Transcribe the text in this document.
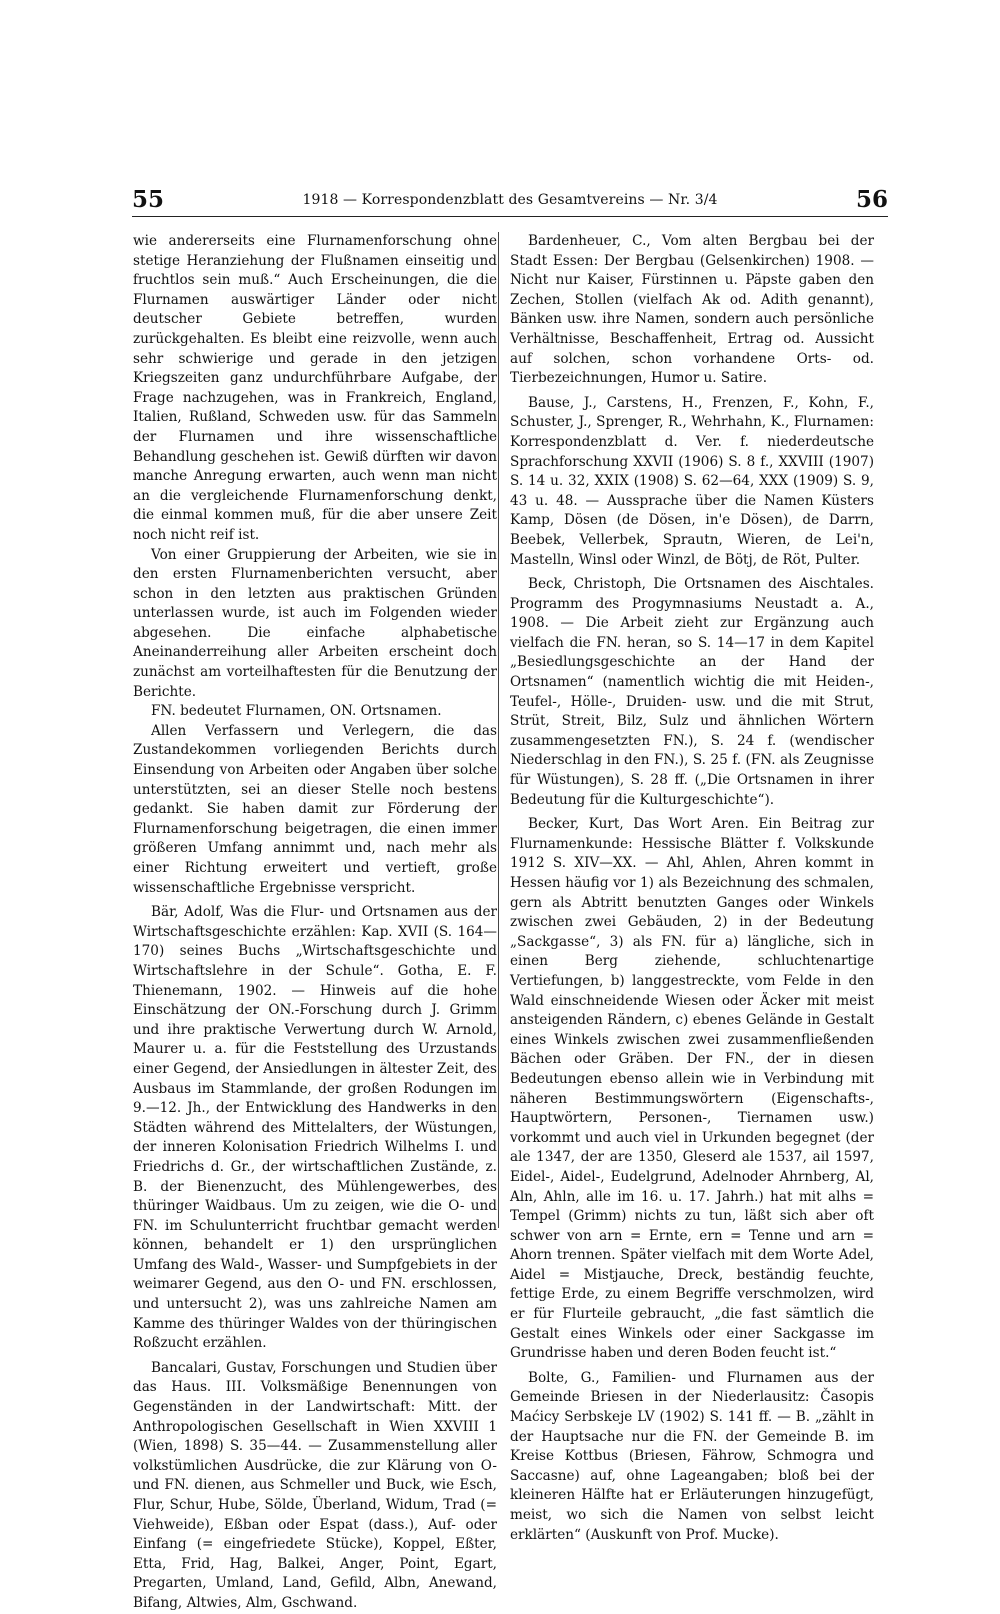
55	1918 — Korrespondenzblatt des Gesamtvereins — Nr. 3/4	56

wie andererseits eine Flurnamenforschung ohne stetige Heranziehung der Flußnamen einseitig und fruchtlos sein muß.“ Auch Erscheinungen, die die Flurnamen auswärtiger Länder oder nicht deutscher Gebiete betreffen, wurden zurückgehalten. Es bleibt eine reizvolle, wenn auch sehr schwierige und gerade in den jetzigen Kriegszeiten ganz undurchführbare Aufgabe, der Frage nachzugehen, was in Frankreich, England, Italien, Rußland, Schweden usw. für das Sammeln der Flurnamen und ihre wissenschaftliche Behandlung geschehen ist. Gewiß dürften wir davon manche Anregung erwarten, auch wenn man nicht an die vergleichende Flurnamenforschung denkt, die einmal kommen muß, für die aber unsere Zeit noch nicht reif ist.

Von einer Gruppierung der Arbeiten, wie sie in den ersten Flurnamenberichten versucht, aber schon in den letzten aus praktischen Gründen unterlassen wurde, ist auch im Folgenden wieder abgesehen. Die einfache alphabetische Aneinanderreihung aller Arbeiten erscheint doch zunächst am vorteilhaftesten für die Benutzung der Berichte.

FN. bedeutet Flurnamen, ON. Ortsnamen.

Allen Verfassern und Verlegern, die das Zustandekommen vorliegenden Berichts durch Einsendung von Arbeiten oder Angaben über solche unterstützten, sei an dieser Stelle noch bestens gedankt. Sie haben damit zur Förderung der Flurnamenforschung beigetragen, die einen immer größeren Umfang annimmt und, nach mehr als einer Richtung erweitert und vertieft, große wissenschaftliche Ergebnisse verspricht.

Bär, Adolf, Was die Flur- und Ortsnamen aus der Wirtschaftsgeschichte erzählen: Kap. XVII (S. 164—170) seines Buchs „Wirtschaftsgeschichte und Wirtschaftslehre in der Schule“. Gotha, E. F. Thienemann, 1902. — Hinweis auf die hohe Einschätzung der ON.-Forschung durch J. Grimm und ihre praktische Verwertung durch W. Arnold, Maurer u. a. für die Feststellung des Urzustands einer Gegend, der Ansiedlungen in ältester Zeit, des Ausbaus im Stammlande, der großen Rodungen im 9.—12. Jh., der Entwicklung des Handwerks in den Städten während des Mittelalters, der Wüstungen, der inneren Kolonisation Friedrich Wilhelms I. und Friedrichs d. Gr., der wirtschaftlichen Zustände, z. B. der Bienenzucht, des Mühlengewerbes, des thüringer Waidbaus. Um zu zeigen, wie die O- und FN. im Schulunterricht fruchtbar gemacht werden können, behandelt er 1) den ursprünglichen Umfang des Wald-, Wasser- und Sumpfgebiets in der weimarer Gegend, aus den O- und FN. erschlossen, und untersucht 2), was uns zahlreiche Namen am Kamme des thüringer Waldes von der thüringischen Roßzucht erzählen.

Bancalari, Gustav, Forschungen und Studien über das Haus. III. Volksmäßige Benennungen von Gegenständen in der Landwirtschaft: Mitt. der Anthropologischen Gesellschaft in Wien XXVIII 1 (Wien, 1898) S. 35—44. — Zusammenstellung aller volkstümlichen Ausdrücke, die zur Klärung von O- und FN. dienen, aus Schmeller und Buck, wie Esch, Flur, Schur, Hube, Sölde, Überland, Widum, Trad (= Viehweide), Eßban oder Espat (dass.), Auf- oder Einfang (= eingefriedete Stücke), Koppel, Eßter, Etta, Frid, Hag, Balkei, Anger, Point, Egart, Pregarten, Umland, Land, Gefild, Albn, Anewand, Bifang, Altwies, Alm, Gschwand.

Bardenheuer, C., Vom alten Bergbau bei der Stadt Essen: Der Bergbau (Gelsenkirchen) 1908. — Nicht nur Kaiser, Fürstinnen u. Päpste gaben den Zechen, Stollen (vielfach Ak od. Adith genannt), Bänken usw. ihre Namen, sondern auch persönliche Verhältnisse, Beschaffenheit, Ertrag od. Aussicht auf solchen, schon vorhandene Orts- od. Tierbezeichnungen, Humor u. Satire.

Bause, J., Carstens, H., Frenzen, F., Kohn, F., Schuster, J., Sprenger, R., Wehrhahn, K., Flurnamen: Korrespondenzblatt d. Ver. f. niederdeutsche Sprachforschung XXVII (1906) S. 8 f., XXVIII (1907) S. 14 u. 32, XXIX (1908) S. 62—64, XXX (1909) S. 9, 43 u. 48. — Aussprache über die Namen Küsters Kamp, Dösen (de Dösen, in'e Dösen), de Darrn, Beebek, Vellerbek, Sprautn, Wieren, de Lei'n, Mastelln, Winsl oder Winzl, de Bötj, de Röt, Pulter.

Beck, Christoph, Die Ortsnamen des Aischtales. Programm des Progymnasiums Neustadt a. A., 1908. — Die Arbeit zieht zur Ergänzung auch vielfach die FN. heran, so S. 14—17 in dem Kapitel „Besiedlungsgeschichte an der Hand der Ortsnamen“ (namentlich wichtig die mit Heiden-, Teufel-, Hölle-, Druiden- usw. und die mit Strut, Strüt, Streit, Bilz, Sulz und ähnlichen Wörtern zusammengesetzten FN.), S. 24 f. (wendischer Niederschlag in den FN.), S. 25 f. (FN. als Zeugnisse für Wüstungen), S. 28 ff. („Die Ortsnamen in ihrer Bedeutung für die Kulturgeschichte“).

Becker, Kurt, Das Wort Aren. Ein Beitrag zur Flurnamenkunde: Hessische Blätter f. Volkskunde 1912 S. XIV—XX. — Ahl, Ahlen, Ahren kommt in Hessen häufig vor 1) als Bezeichnung des schmalen, gern als Abtritt benutzten Ganges oder Winkels zwischen zwei Gebäuden, 2) in der Bedeutung „Sackgasse“, 3) als FN. für a) längliche, sich in einen Berg ziehende, schluchtenartige Vertiefungen, b) langgestreckte, vom Felde in den Wald einschneidende Wiesen oder Äcker mit meist ansteigenden Rändern, c) ebenes Gelände in Gestalt eines Winkels zwischen zwei zusammenfließenden Bächen oder Gräben. Der FN., der in diesen Bedeutungen ebenso allein wie in Verbindung mit näheren Bestimmungswörtern (Eigenschafts-, Hauptwörtern, Personen-, Tiernamen usw.) vorkommt und auch viel in Urkunden begegnet (der ale 1347, der are 1350, Gleserd ale 1537, ail 1597, Eidel-, Aidel-, Eudelgrund, Adelnoder Ahrnberg, Al, Aln, Ahln, alle im 16. u. 17. Jahrh.) hat mit alhs = Tempel (Grimm) nichts zu tun, läßt sich aber oft schwer von arn = Ernte, ern = Tenne und arn = Ahorn trennen. Später vielfach mit dem Worte Adel, Aidel = Mistjauche, Dreck, beständig feuchte, fettige Erde, zu einem Begriffe verschmolzen, wird er für Flurteile gebraucht, „die fast sämtlich die Gestalt eines Winkels oder einer Sackgasse im Grundrisse haben und deren Boden feucht ist.“

Bolte, G., Familien- und Flurnamen aus der Gemeinde Briesen in der Niederlausitz: Časopis Maćicy Serbskeje LV (1902) S. 141 ff. — B. „zählt in der Hauptsache nur die FN. der Gemeinde B. im Kreise Kottbus (Briesen, Fährow, Schmogra und Saccasne) auf, ohne Lageangaben; bloß bei der kleineren Hälfte hat er Erläuterungen hinzugefügt, meist, wo sich die Namen von selbst leicht erklärten“ (Auskunft von Prof. Mucke).
